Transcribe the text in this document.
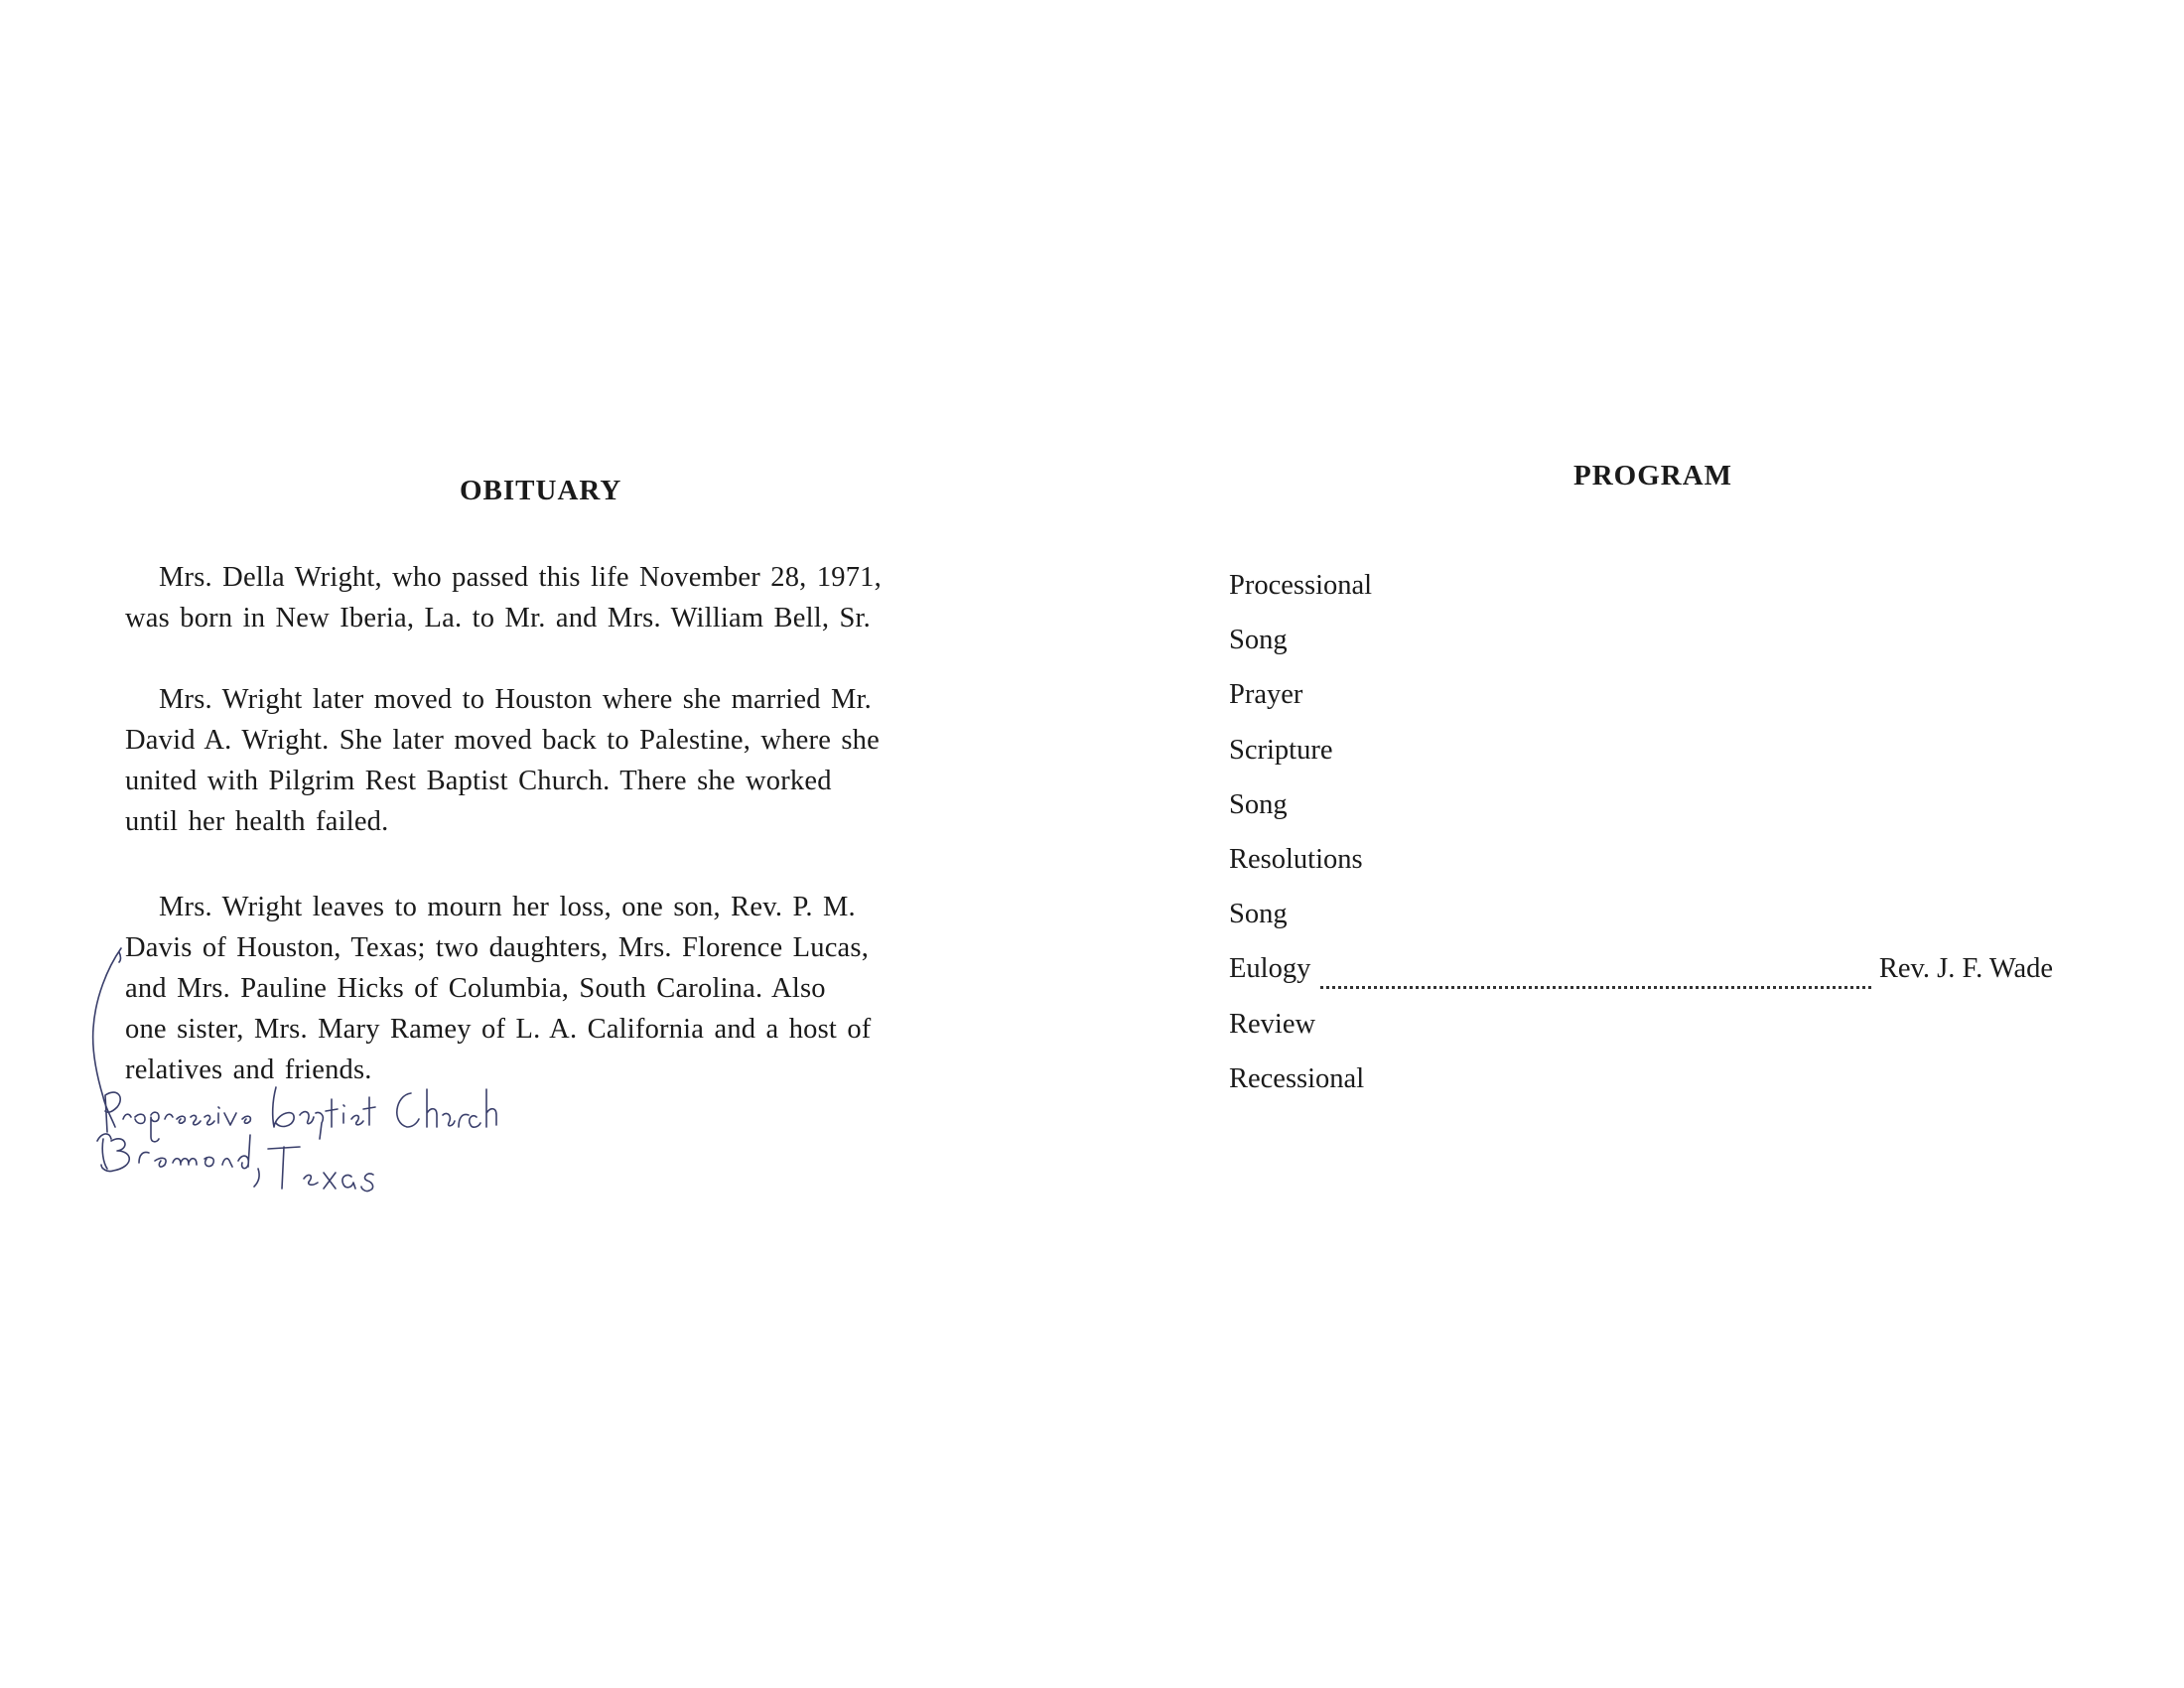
OBITUARY
Mrs. Della Wright, who passed this life November 28, 1971,
was born in New Iberia, La. to Mr. and Mrs. William Bell, Sr.
Mrs. Wright later moved to Houston where she married Mr.
David A. Wright. She later moved back to Palestine, where she
united with Pilgrim Rest Baptist Church. There she worked
until her health failed.
Mrs. Wright leaves to mourn her loss, one son, Rev. P. M.
Davis of Houston, Texas; two daughters, Mrs. Florence Lucas,
and Mrs. Pauline Hicks of Columbia, South Carolina. Also
one sister, Mrs. Mary Ramey of L. A. California and a host of
relatives and friends.
PROGRAM
Processional
Song
Prayer
Scripture
Song
Resolutions
Song
Eulogy	Rev. J. F. Wade
Review
Recessional
